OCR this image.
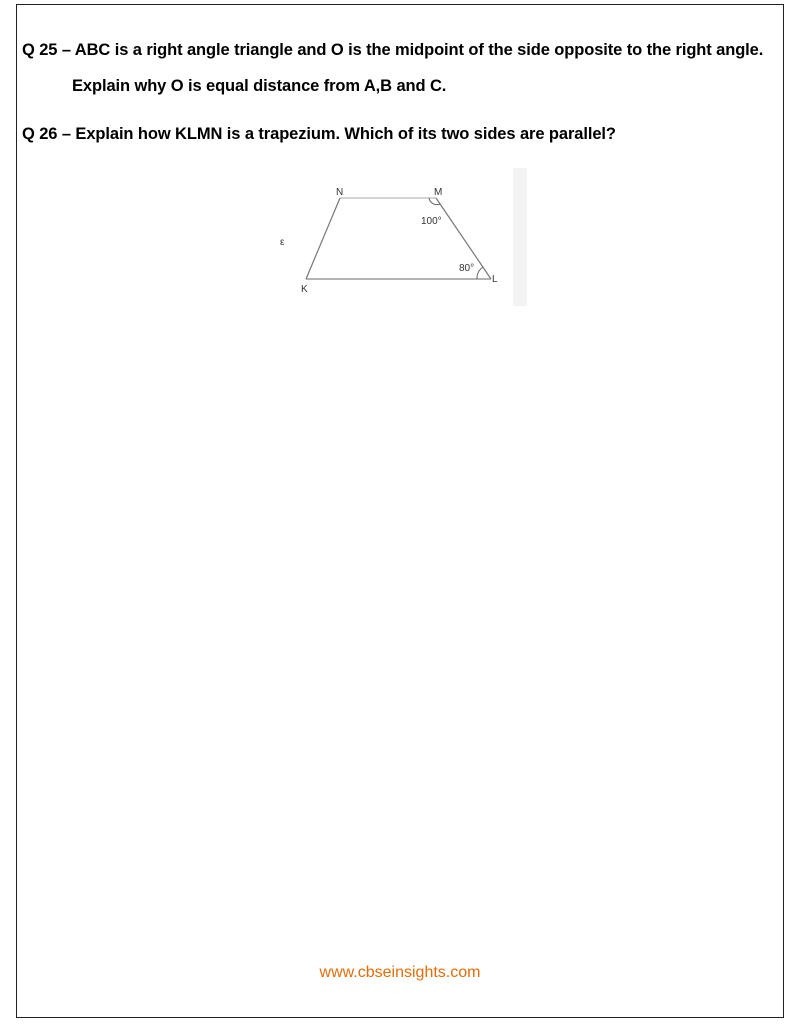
Q 25 – ABC is a right angle triangle and O is the midpoint of the side opposite to the right angle.
Explain why O is equal distance from A,B and C.
Q 26 – Explain how KLMN is a trapezium. Which of its two sides are parallel?
N	M
K
L
100°
80°
ε
www.cbseinsights.com
